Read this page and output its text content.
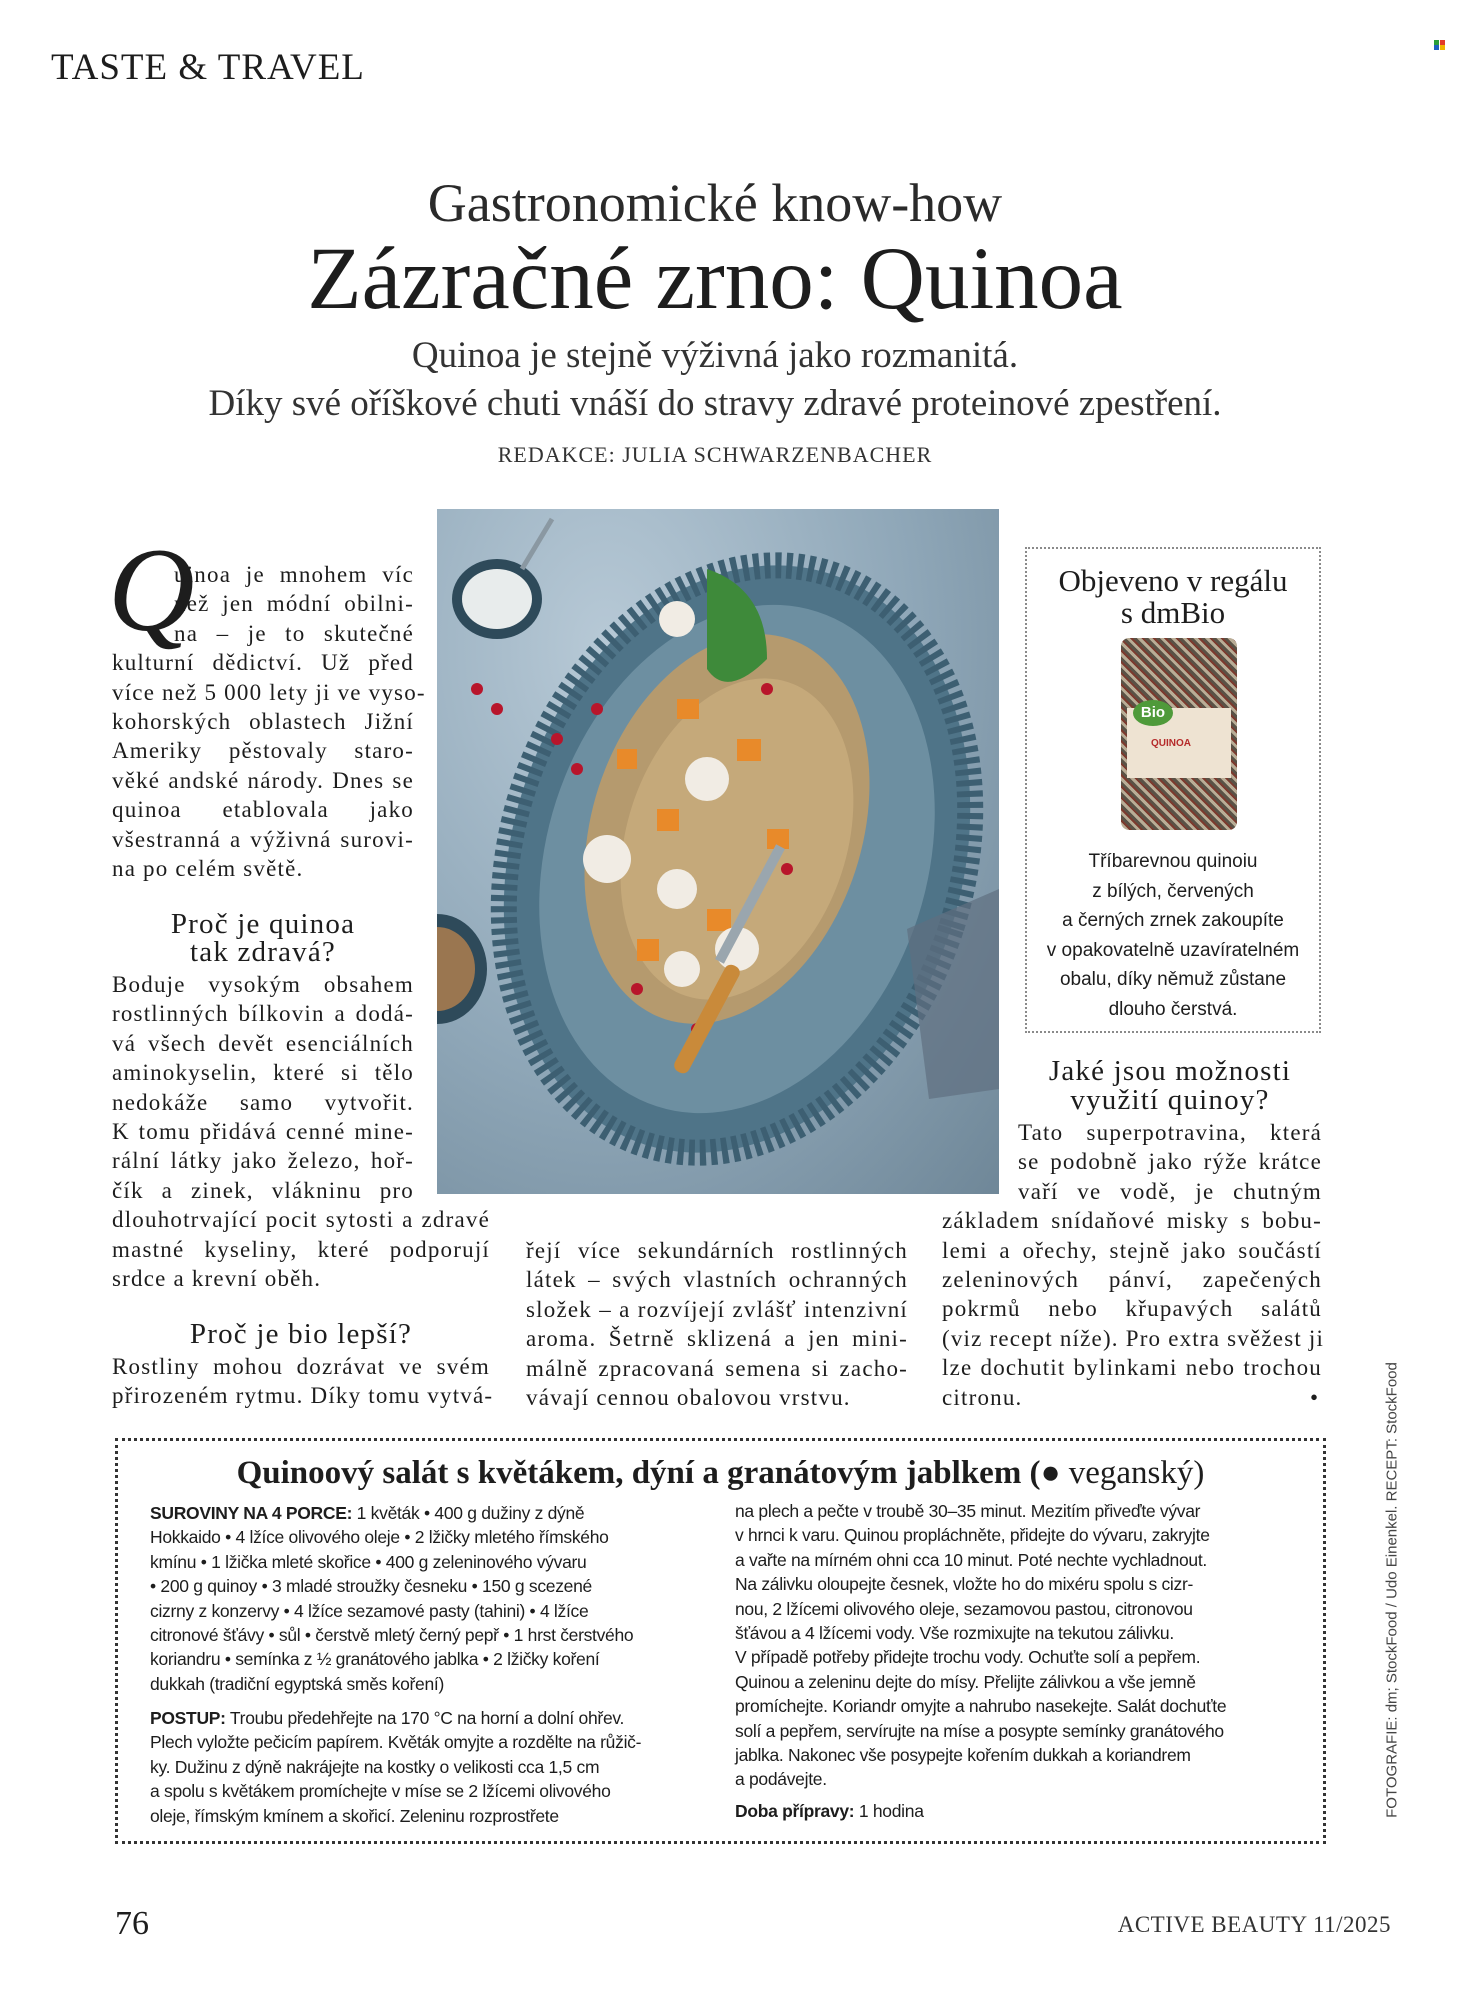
TASTE & TRAVEL
Gastronomické know-how
Zázračné zrno: Quinoa
Quinoa je stejně výživná jako rozmanitá.
Díky své oříškové chuti vnáší do stravy zdravé proteinové zpestření.
REDAKCE: JULIA SCHWARZENBACHER
Q
uinoa je mnohem víc
než jen módní obilni-
na – je to skutečné
kulturní dědictví. Už před
více než 5 000 lety ji ve vyso-
kohorských oblastech Jižní
Ameriky pěstovaly staro-
věké andské národy. Dnes se
quinoa etablovala jako
všestranná a výživná surovi-
na po celém světě.
Proč je quinoa
tak zdravá?
Boduje vysokým obsahem
rostlinných bílkovin a dodá-
vá všech devět esenciálních
aminokyselin, které si tělo
nedokáže samo vytvořit.
K tomu přidává cenné mine-
rální látky jako železo, hoř-
čík a zinek, vlákninu pro
dlouhotrvající pocit sytosti a zdravé
mastné kyseliny, které podporují
srdce a krevní oběh.
Proč je bio lepší?
Rostliny mohou dozrávat ve svém
přirozeném rytmu. Díky tomu vytvá-
řejí více sekundárních rostlinných
látek – svých vlastních ochranných
složek – a rozvíjejí zvlášť intenzivní
aroma. Šetrně sklizená a jen mini-
málně zpracovaná semena si zacho-
vávají cennou obalovou vrstvu.
Jaké jsou možnosti
využití quinoy?
Tato superpotravina, která
se podobně jako rýže krátce
vaří ve vodě, je chutným
základem snídaňové misky s bobu-
lemi a ořechy, stejně jako součástí
zeleninových pánví, zapečených
pokrmů nebo křupavých salátů
(viz recept níže). Pro extra svěžest ji
lze dochutit bylinkami nebo trochou
citronu.	•
Objeveno v regálu
s dmBio
Bio
QUINOA
Tříbarevnou quinoiu
z bílých, červených
a černých zrnek zakoupíte
v opakovatelně uzavíratelném
obalu, díky němuž zůstane
dlouho čerstvá.
Quinoový salát s květákem, dýní a granátovým jablkem (● veganský)
SUROVINY NA 4 PORCE: 1 květák • 400 g dužiny z dýně
Hokkaido • 4 lžíce olivového oleje • 2 lžičky mletého římského
kmínu • 1 lžička mleté skořice • 400 g zeleninového vývaru
• 200 g quinoy • 3 mladé stroužky česneku • 150 g scezené
cizrny z konzervy • 4 lžíce sezamové pasty (tahini) • 4 lžíce
citronové šťávy • sůl • čerstvě mletý černý pepř • 1 hrst čerstvého
koriandru • semínka z ½ granátového jablka • 2 lžičky koření
dukkah (tradiční egyptská směs koření)
POSTUP: Troubu předehřejte na 170 °C na horní a dolní ohřev.
Plech vyložte pečicím papírem. Květák omyjte a rozdělte na růžič-
ky. Dužinu z dýně nakrájejte na kostky o velikosti cca 1,5 cm
a spolu s květákem promíchejte v míse se 2 lžícemi olivového
oleje, římským kmínem a skořicí. Zeleninu rozprostřete
na plech a pečte v troubě 30–35 minut. Mezitím přiveďte vývar
v hrnci k varu. Quinou propláchněte, přidejte do vývaru, zakryjte
a vařte na mírném ohni cca 10 minut. Poté nechte vychladnout.
Na zálivku oloupejte česnek, vložte ho do mixéru spolu s cizr-
nou, 2 lžícemi olivového oleje, sezamovou pastou, citronovou
šťávou a 4 lžícemi vody. Vše rozmixujte na tekutou zálivku.
V případě potřeby přidejte trochu vody. Ochuťte solí a pepřem.
Quinou a zeleninu dejte do mísy. Přelijte zálivkou a vše jemně
promíchejte. Koriandr omyjte a nahrubo nasekejte. Salát dochuťte
solí a pepřem, servírujte na míse a posypte semínky granátového
jablka. Nakonec vše posypejte kořením dukkah a koriandrem
a podávejte.
Doba přípravy: 1 hodina
76	ACTIVE BEAUTY 11/2025
FOTOGRAFIE: dm; StockFood / Udo Einenkel. RECEPT: StockFood
